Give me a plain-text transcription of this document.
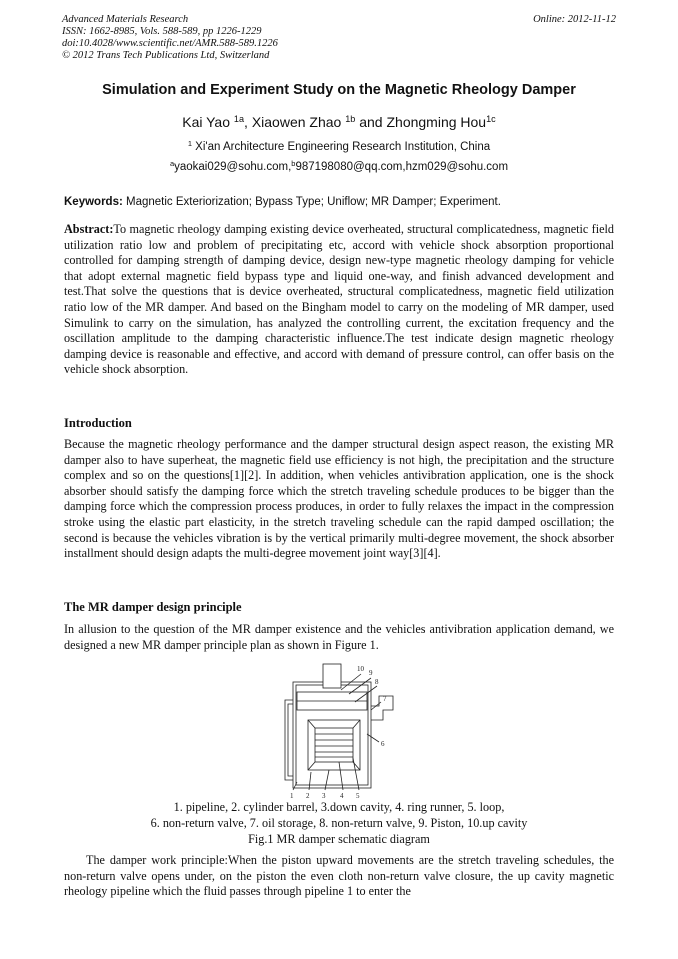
Advanced Materials Research
ISSN: 1662-8985, Vols. 588-589, pp 1226-1229
doi:10.4028/www.scientific.net/AMR.588-589.1226
© 2012 Trans Tech Publications Ltd, Switzerland
Online: 2012-11-12
Simulation and Experiment Study on the Magnetic Rheology Damper
Kai Yao $^{1a}$, Xiaowen Zhao $^{1b}$ and Zhongming Hou$^{1c}$
$^1$ Xi'an Architecture Engineering Research Institution, China
$^a$yaokai029@sohu.com,$^b$987198080@qq.com,hzm029@sohu.com
Keywords: Magnetic Exteriorization; Bypass Type; Uniflow; MR Damper; Experiment.
Abstract:To magnetic rheology damping existing device overheated, structural complicatedness, magnetic field utilization ratio low and problem of precipitating etc, accord with vehicle shock absorption proportional controlled for damping strength of damping device, design new-type magnetic rheology damping for vehicle that adopt external magnetic field bypass type and liquid one-way, and finish advanced development and test.That solve the questions that is device overheated, structural complicatedness, magnetic field utilization ratio low of the MR damper. And based on the Bingham model to carry on the modeling of MR damper, used Simulink to carry on the simulation, has analyzed the controlling current, the excitation frequency and the oscillation amplitude to the damping characteristic influence.The test indicate design magnetic rheology damping device is reasonable and effective, and accord with demand of pressure control, can offer basis on the vehicle shock absorption.
Introduction
Because the magnetic rheology performance and the damper structural design aspect reason, the existing MR damper also to have superheat, the magnetic field use efficiency is not high, the precipitation and the structure complex and so on the questions[1][2]. In addition, when vehicles antivibration application, one is the shock absorber should satisfy the damping force which the stretch traveling schedule produces to be bigger than the damping force which the compression process produces, in order to fully relaxes the impact in the compression stroke using the elastic part elasticity, in the stretch traveling schedule can the rapid damped oscillation; the second is because the vehicles vibration is by the vertical primarily multi-degree movement, the shock absorber installment should design adapts the multi-degree movement joint way[3][4].
The MR damper design principle
In allusion to the question of the MR damper existence and the vehicles antivibration application demand, we designed a new MR damper principle plan as shown in Figure 1.
10 9
8
7
6
1 2 3 4 5
1. pipeline, 2. cylinder barrel, 3.down cavity, 4. ring runner, 5. loop,
6. non-return valve, 7. oil storage, 8. non-return valve, 9. Piston, 10.up cavity
Fig.1 MR damper schematic diagram
The damper work principle:When the piston upward movements are the stretch traveling schedules, the non-return valve opens under, on the piston the even cloth non-return valve closure, the up cavity magnetic rheology pipeline which the fluid passes through pipeline 1 to enter the
